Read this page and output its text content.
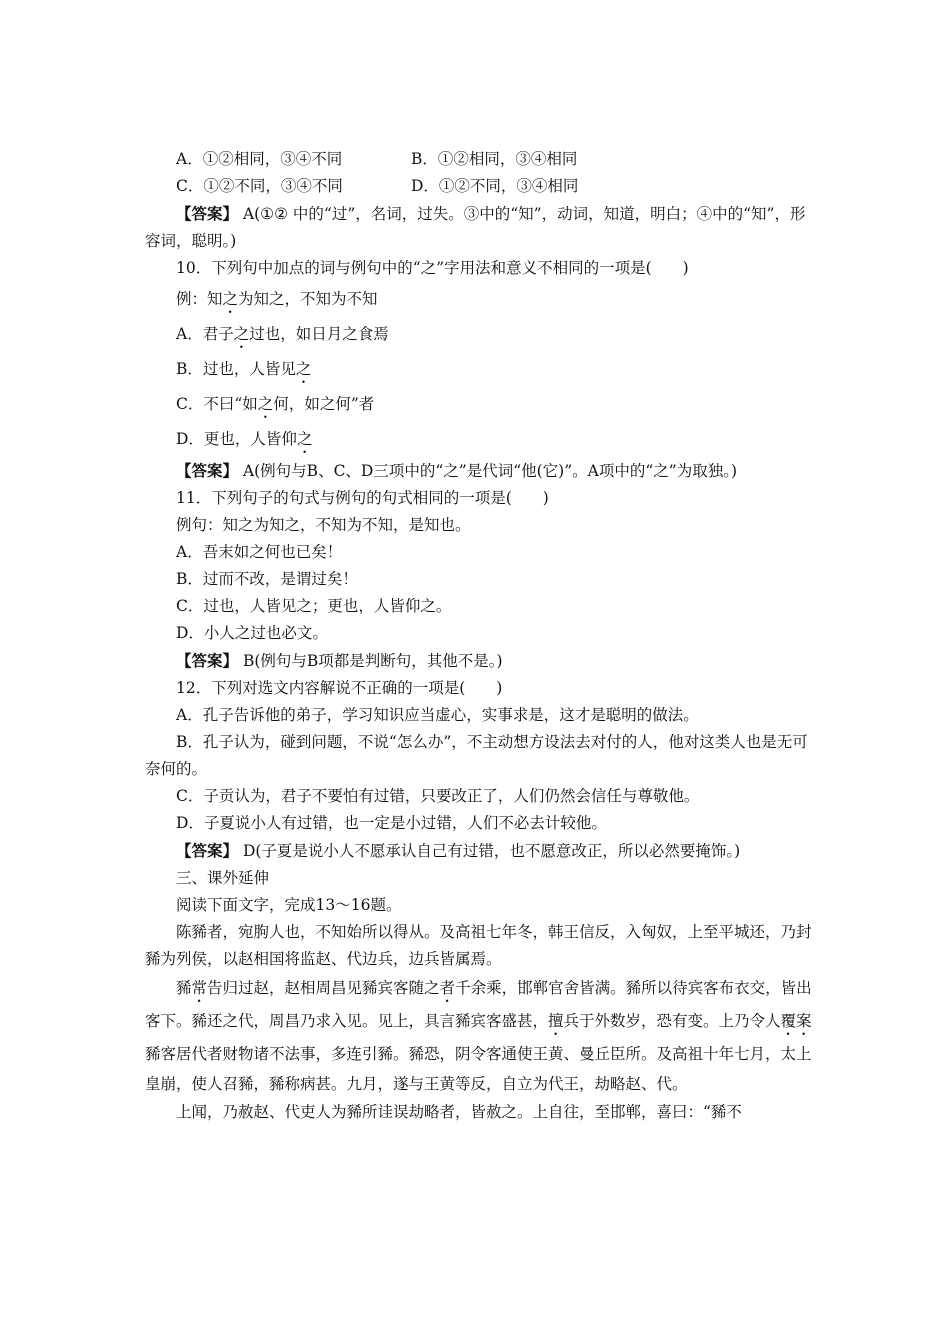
A．①②相同，③④不同	B．①②相同，③④相同
C．①②不同，③④不同	D．①②不同，③④相同

【答案】 A(①② 中的“过”，名词，过失。③中的“知”，动词，知道，明白；④中的“知”，形容词，聪明。)

10．下列句中加点的词与例句中的“之”字用法和意义不相同的一项是(　　)

例：知之为知之，不知为不知

A．君子之过也，如日月之食焉

B．过也，人皆见之

C．不曰“如之何，如之何”者

D．更也，人皆仰之

【答案】 A(例句与B、C、D三项中的“之”是代词“他(它)”。A项中的“之”为取独。)

11．下列句子的句式与例句的句式相同的一项是(　　)

例句：知之为知之，不知为不知，是知也。

A．吾末如之何也已矣！

B．过而不改，是谓过矣！

C．过也，人皆见之；更也，人皆仰之。

D．小人之过也必文。

【答案】 B(例句与B项都是判断句，其他不是。)

12．下列对选文内容解说不正确的一项是(　　)

A．孔子告诉他的弟子，学习知识应当虚心，实事求是，这才是聪明的做法。

B．孔子认为，碰到问题，不说“怎么办”，不主动想方设法去对付的人，他对这类人也是无可奈何的。

C．子贡认为，君子不要怕有过错，只要改正了，人们仍然会信任与尊敬他。

D．子夏说小人有过错，也一定是小过错，人们不必去计较他。

【答案】 D(子夏是说小人不愿承认自己有过错，也不愿意改正，所以必然要掩饰。)

三、课外延伸

阅读下面文字，完成13～16题。

陈豨者，宛朐人也，不知始所以得从。及高祖七年冬，韩王信反，入匈奴，上至平城还，乃封豨为列侯，以赵相国将监赵、代边兵，边兵皆属焉。

豨常告归过赵，赵相周昌见豨宾客随之者千余乘，邯郸官舍皆满。豨所以待宾客布衣交，皆出客下。豨还之代，周昌乃求入见。见上，具言豨宾客盛甚，擅兵于外数岁，恐有变。上乃令人覆案豨客居代者财物诸不法事，多连引豨。豨恐，阴令客通使王黄、曼丘臣所。及高祖十年七月，太上皇崩，使人召豨，豨称病甚。九月，遂与王黄等反，自立为代王，劫略赵、代。

上闻，乃赦赵、代吏人为豨所诖误劫略者，皆赦之。上自往，至邯郸，喜曰：“豨不
